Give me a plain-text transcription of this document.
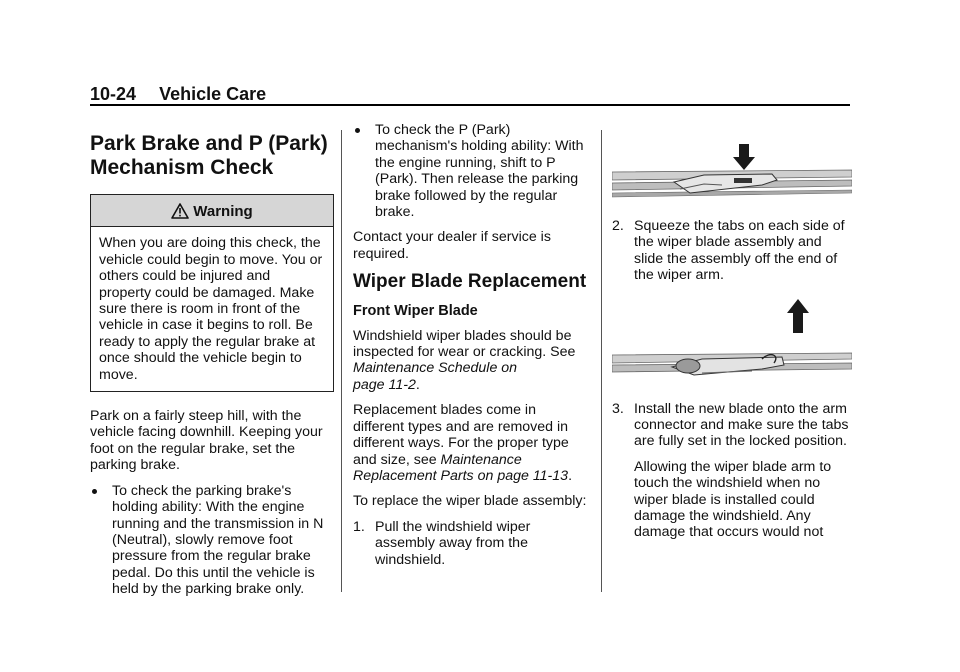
10-24 Vehicle Care
Park Brake and P (Park) Mechanism Check
Warning
When you are doing this check, the vehicle could begin to move. You or others could be injured and property could be damaged. Make sure there is room in front of the vehicle in case it begins to roll. Be ready to apply the regular brake at once should the vehicle begin to move.

Park on a fairly steep hill, with the vehicle facing downhill. Keeping your foot on the regular brake, set the parking brake.

To check the parking brake's holding ability: With the engine running and the transmission in N (Neutral), slowly remove foot pressure from the regular brake pedal. Do this until the vehicle is held by the parking brake only.
To check the P (Park) mechanism's holding ability: With the engine running, shift to P (Park). Then release the parking brake followed by the regular brake.

Contact your dealer if service is required.

Wiper Blade Replacement
Front Wiper Blade

Windshield wiper blades should be inspected for wear or cracking. See Maintenance Schedule on
page 11-2.

Replacement blades come in different types and are removed in different ways. For the proper type and size, see Maintenance Replacement Parts on page 11-13.

To replace the wiper blade assembly:

1. Pull the windshield wiper assembly away from the windshield.
2. Squeeze the tabs on each side of the wiper blade assembly and slide the assembly off the end of the wiper arm.
3. Install the new blade onto the arm connector and make sure the tabs are fully set in the locked position.

Allowing the wiper blade arm to touch the windshield when no wiper blade is installed could damage the windshield. Any damage that occurs would not
